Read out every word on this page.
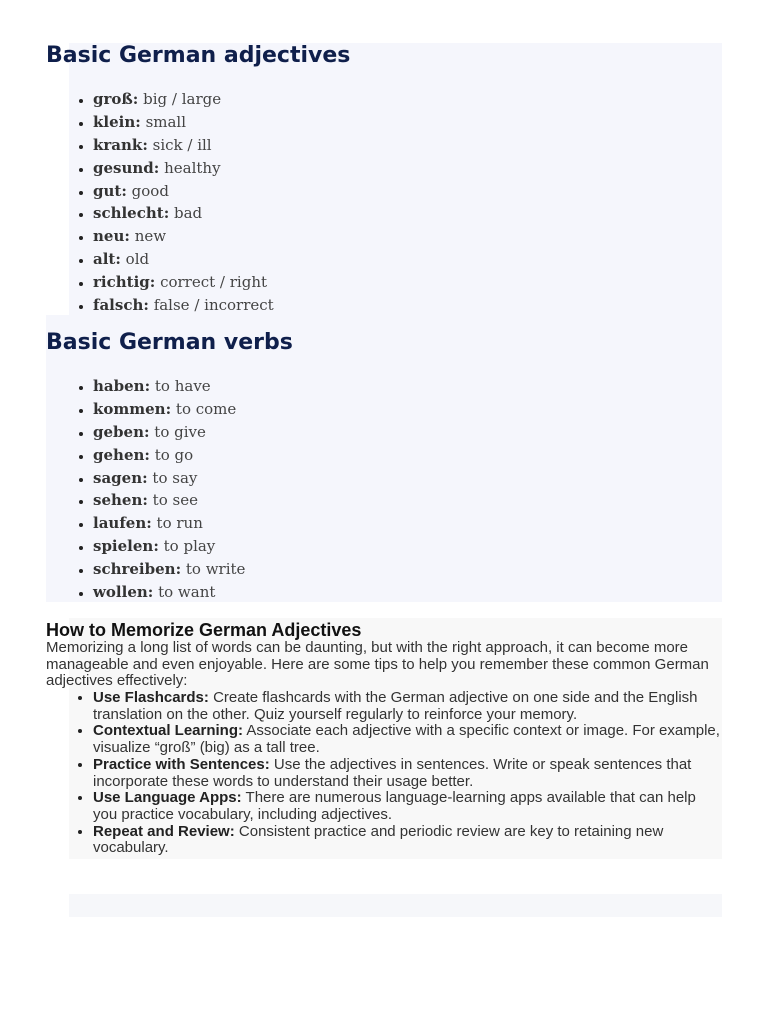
Basic German adjectives
• groß: big / large
• klein: small
• krank: sick / ill
• gesund: healthy
• gut: good
• schlecht: bad
• neu: new
• alt: old
• richtig: correct / right
• falsch: false / incorrect
Basic German verbs
• haben: to have
• kommen: to come
• geben: to give
• gehen: to go
• sagen: to say
• sehen: to see
• laufen: to run
• spielen: to play
• schreiben: to write
• wollen: to want
How to Memorize German Adjectives

Memorizing a long list of words can be daunting, but with the right approach, it can become more manageable and even enjoyable. Here are some tips to help you remember these common German adjectives effectively:

• Use Flashcards: Create flashcards with the German adjective on one side and the English translation on the other. Quiz yourself regularly to reinforce your memory.
• Contextual Learning: Associate each adjective with a specific context or image. For example, visualize “groß” (big) as a tall tree.
• Practice with Sentences: Use the adjectives in sentences. Write or speak sentences that incorporate these words to understand their usage better.
• Use Language Apps: There are numerous language-learning apps available that can help you practice vocabulary, including adjectives.
• Repeat and Review: Consistent practice and periodic review are key to retaining new vocabulary.
